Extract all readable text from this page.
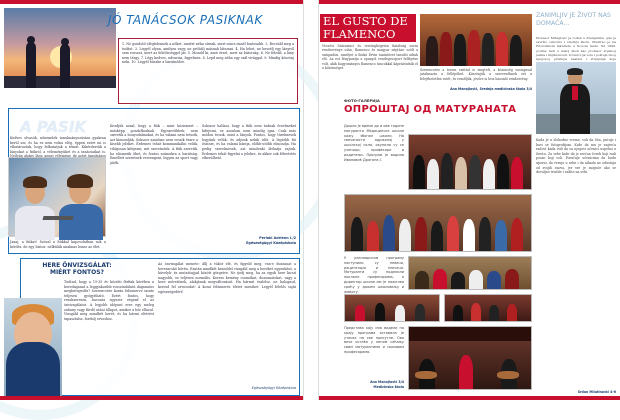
JÓ TANÁCSOK PASIKNAK
1. Ne gondold elégtelennek a nőket, amiért néha sírnak, mert nincs ennél fontosabb. 2. Becsüld meg a tudást. 3. Legyél olyan, amilyen vagy, ne próbálj másnak látszani. 4. Ha lehet, ne beszélj egy lányról sem rosszat, mert az felelősséggel jár. 5. Mondd ki, amit érzel, mert az bátorság. 6. Ne feledd, a lány nem tárgy. 7. Légy kedves, udvarias, figyelmes. 8. Lepd meg néha egy szál virággal. 9. Mindig köszönj neki. 10. Legyél büszke a barátnődre.
Kedves olvasók, nőneműek tanulmányozására gyakran kerül sor, és ha ez nem volna elég, éppen ezért mi is elhatároztuk, hogy felkutatjuk a témát. Kikérdeztük a lányokat a fiúkról, a véleményüket és a tanácsaikat is.
Jaaaj, a fiúkat! Szóval a fiúkkal kapcsolatban sok a kérdés, de egy biztos: nélkülük unalmas lenne az élet.
Kezdjük azzal, hogy a fiúk – mint közismert – másképp gondolkodnak. Egyszerűbbek, nem szeretik a bonyodalmakat, és ha valami nem tetszik, azt kimondják. Sokszor azonban nem veszik észre a kisebb jeleket. Érdemes tehát kommunikálni velük, világosan kifejezni, mit szeretnénk. A fiúk szeretik, ha elismerik őket, és fontos számukra a barátság. Emellett szeretnek versengeni, legyen az sport vagy játék.
Sokszor hallani, hogy a fiúk nem tudnak érzelmeket kifejezni, ez azonban nem mindig igaz. Csak más módon teszik, mint a lányok. Fontos, hogy türelmesek legyünk velük, és adjunk nekik időt. A legtöbb fiú őszinte, és ha valami bántja, előbb-utóbb elmondja. Ha pedig szerelmesek, azt mindenki láthatja rajtuk. Érdemes tehát figyelni a jelekre, és akkor sok félreértés elkerülhető.
Perlaki Adrienn I./2
Egészségügyi Középiskola
HERE ÖNVIZSGÁLAT: MIÉRT FONTOS?
Tudtad, hogy a 15-35 év közötti férfiak körében a heredaganat a leggyakoribb rosszindulatú daganatos megbetegedés? Szerencsére korán felismerve szinte teljesen gyógyítható. Ezért fontos, hogy rendszeresen, havonta egyszer végezd el az önvizsgálatot. A legjobb időpont erre egy meleg zuhany vagy fürdő utáni állapot, amikor a bőr ellazul. Vizsgáld meg mindkét herét, és ha bármi eltérést tapasztalsz, fordulj orvoshoz.
Az önvizsgálat menete: állj a tükör elé, és figyeld meg, van-e duzzanat a herezacskó bőrén. Ezután mindkét kezeddel vizsgáld meg a heréket egyenként, a hüvelyk- és mutatóujjad között görgetve. Ne ijedj meg, ha az egyik here kicsit nagyobb, ez teljesen normális. Keress kemény csomókat, duzzanatokat, vagy a here méretének, alakjának megváltozását. Ha bármit észlelsz, ne halogasd, keresd fel orvosodat! A korai felismerés életet menthet. Legyél felelős saját egészségedért!
Egészségügyi Középiskola
EL GUSTO DE FLAMENCO
Vecsési Szárazinci és restinghegeien fiatalság sorra rendezvénye után, flamenco és magyar néptánc szólt a színpadon, amelyet a Sinkó Ervin tanintézet tanulói adtak elő. Az est fénypontja a spanyol vendégcsoport fellépése volt, akik hagyományos flamenco táncokkal kápráztatták el a közönséget.	Szerencsére a terem ezúttal is megtelt, a közönség vastapssal jutalmazta a fellépőket. Köszönjük a szervezőknek ezt a felejthetetlen estét, és reméljük, jövőre is lesz hasonló rendezvény.
Ana Manojlović, Srednja medicinska škola 3/4
ZANIMLJIV JE ŽIVOT NAS DOMAĆA...
Profesor Mihajlović je rođen u Zrenjaninu, gde je završio osnovnu i srednju školu. Studirao je na Filozofskom fakultetu u Novom Sadu. Od 1999. godine radi u našoj školi kao profesor srpskog jezika i književnosti. Učenici ga vole i poštuju zbog njegovog pristupa nastavi i strpljenja koje
Kada je u slobodno vreme, voli da čita, putuje i bavi se fotografijom. Kaže da mu je najveća radost kada vidi da su njegovi učenici uspešni u životu. Za sebe kaže da je srećan čovek koji radi posao koji voli. Poručuje učenicima da budu uporni, da veruju u sebe i da nikada ne odustaju od svojih snova, jer sve je moguće ako se dovoljno trudite i radite na sebi.
Srđan Milutinović 4-6
ФОТО-ГАЛЕРИЈА
ОПРОШТАЈ ОД МАТУРАНАТА
Дошло је време да и ове године матуранти Медицинске школе кажу збогом школи. На свечаности одржаној у школској сали, окупили су се ученици, професори и родитељи. Програм је водила Ивановић Драгана Ј.
У разноврсном програму наступили су певачи, рецитатори и плесачи. Матуранти су поделили поклоне професорима, а директор школе им је пожелео срећу у даљем школовању и животу.
Представа коју смо видели на крају програма оставила је утисак на све присутне. Ово вече остаће у лепом сећању свим матурантима и њиховим професорима.
Ana Manojlović 3/4
Medicinska škola
